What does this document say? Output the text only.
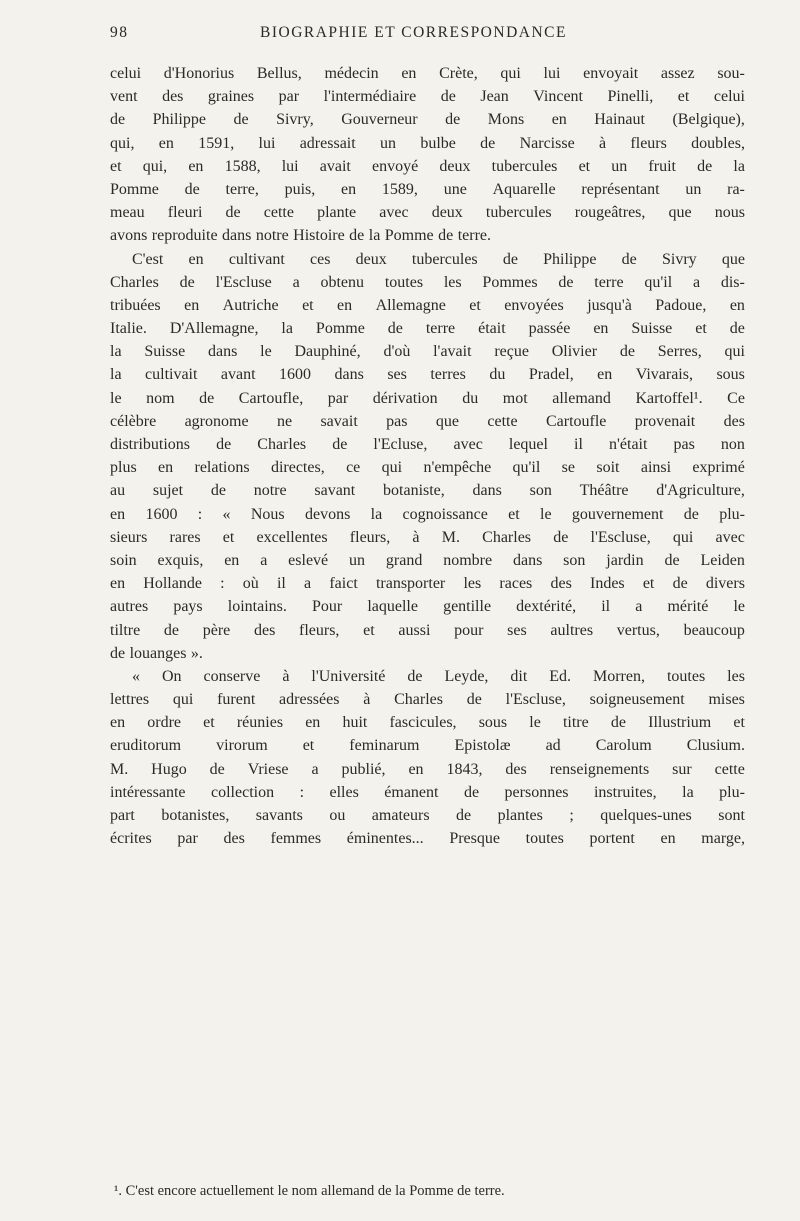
98	BIOGRAPHIE ET CORRESPONDANCE
celui d'Honorius Bellus, médecin en Crète, qui lui envoyait assez sou-
vent des graines par l'intermédiaire de Jean Vincent Pinelli, et celui
de Philippe de Sivry, Gouverneur de Mons en Hainaut (Belgique),
qui, en 1591, lui adressait un bulbe de Narcisse à fleurs doubles,
et qui, en 1588, lui avait envoyé deux tubercules et un fruit de la
Pomme de terre, puis, en 1589, une Aquarelle représentant un ra-
meau fleuri de cette plante avec deux tubercules rougeâtres, que nous
avons reproduite dans notre Histoire de la Pomme de terre.
C'est en cultivant ces deux tubercules de Philippe de Sivry que
Charles de l'Escluse a obtenu toutes les Pommes de terre qu'il a dis-
tribuées en Autriche et en Allemagne et envoyées jusqu'à Padoue, en
Italie. D'Allemagne, la Pomme de terre était passée en Suisse et de
la Suisse dans le Dauphiné, d'où l'avait reçue Olivier de Serres, qui
la cultivait avant 1600 dans ses terres du Pradel, en Vivarais, sous
le nom de Cartoufle, par dérivation du mot allemand Kartoffel¹. Ce
célèbre agronome ne savait pas que cette Cartoufle provenait des
distributions de Charles de l'Ecluse, avec lequel il n'était pas non
plus en relations directes, ce qui n'empêche qu'il se soit ainsi exprimé
au sujet de notre savant botaniste, dans son Théâtre d'Agriculture,
en 1600 : « Nous devons la cognoissance et le gouvernement de plu-
sieurs rares et excellentes fleurs, à M. Charles de l'Escluse, qui avec
soin exquis, en a eslevé un grand nombre dans son jardin de Leiden
en Hollande : où il a faict transporter les races des Indes et de divers
autres pays lointains. Pour laquelle gentille dextérité, il a mérité le
tiltre de père des fleurs, et aussi pour ses aultres vertus, beaucoup
de louanges ».
« On conserve à l'Université de Leyde, dit Ed. Morren, toutes les
lettres qui furent adressées à Charles de l'Escluse, soigneusement mises
en ordre et réunies en huit fascicules, sous le titre de Illustrium et
eruditorum virorum et feminarum Epistolæ ad Carolum Clusium.
M. Hugo de Vriese a publié, en 1843, des renseignements sur cette
intéressante collection : elles émanent de personnes instruites, la plu-
part botanistes, savants ou amateurs de plantes ; quelques-unes sont
écrites par des femmes éminentes... Presque toutes portent en marge,
¹. C'est encore actuellement le nom allemand de la Pomme de terre.
